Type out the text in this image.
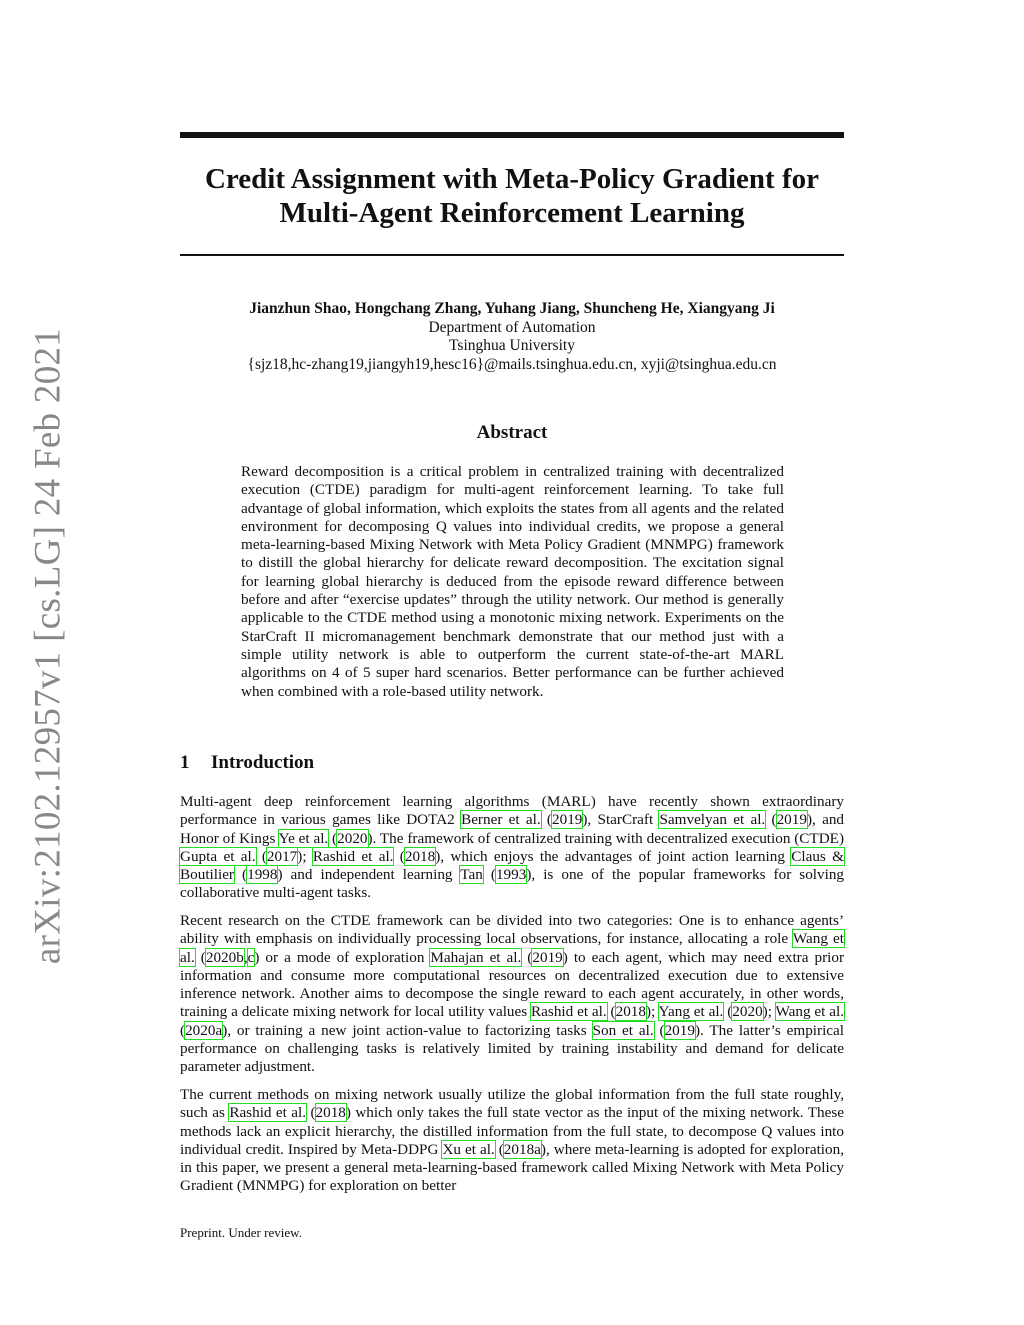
arXiv:2102.12957v1 [cs.LG] 24 Feb 2021
Credit Assignment with Meta-Policy Gradient for
Multi-Agent Reinforcement Learning
Jianzhun Shao, Hongchang Zhang, Yuhang Jiang, Shuncheng He, Xiangyang Ji
Department of Automation
Tsinghua University
{sjz18,hc-zhang19,jiangyh19,hesc16}@mails.tsinghua.edu.cn, xyji@tsinghua.edu.cn
Abstract
Reward decomposition is a critical problem in centralized training with decentralized execution (CTDE) paradigm for multi-agent reinforcement learning. To take full advantage of global information, which exploits the states from all agents and the related environment for decomposing Q values into individual credits, we propose a general meta-learning-based Mixing Network with Meta Policy Gradient (MNMPG) framework to distill the global hierarchy for delicate reward decomposition. The excitation signal for learning global hierarchy is deduced from the episode reward difference between before and after “exercise updates” through the utility network. Our method is generally applicable to the CTDE method using a monotonic mixing network. Experiments on the StarCraft II micromanagement benchmark demonstrate that our method just with a simple utility network is able to outperform the current state-of-the-art MARL algorithms on 4 of 5 super hard scenarios. Better performance can be further achieved when combined with a role-based utility network.
1 Introduction
Multi-agent deep reinforcement learning algorithms (MARL) have recently shown extraordinary performance in various games like DOTA2 Berner et al. (2019), StarCraft Samvelyan et al. (2019), and Honor of Kings Ye et al. (2020). The framework of centralized training with decentralized execution (CTDE) Gupta et al. (2017); Rashid et al. (2018), which enjoys the advantages of joint action learning Claus & Boutilier (1998) and independent learning Tan (1993), is one of the popular frameworks for solving collaborative multi-agent tasks.
Recent research on the CTDE framework can be divided into two categories: One is to enhance agents’ ability with emphasis on individually processing local observations, for instance, allocating a role Wang et al. (2020b,c) or a mode of exploration Mahajan et al. (2019) to each agent, which may need extra prior information and consume more computational resources on decentralized execution due to extensive inference network. Another aims to decompose the single reward to each agent accurately, in other words, training a delicate mixing network for local utility values Rashid et al. (2018); Yang et al. (2020); Wang et al. (2020a), or training a new joint action-value to factorizing tasks Son et al. (2019). The latter’s empirical performance on challenging tasks is relatively limited by training instability and demand for delicate parameter adjustment.
The current methods on mixing network usually utilize the global information from the full state roughly, such as Rashid et al. (2018) which only takes the full state vector as the input of the mixing network. These methods lack an explicit hierarchy, the distilled information from the full state, to decompose Q values into individual credit. Inspired by Meta-DDPG Xu et al. (2018a), where meta-learning is adopted for exploration, in this paper, we present a general meta-learning-based framework called Mixing Network with Meta Policy Gradient (MNMPG) for exploration on better
Preprint. Under review.
